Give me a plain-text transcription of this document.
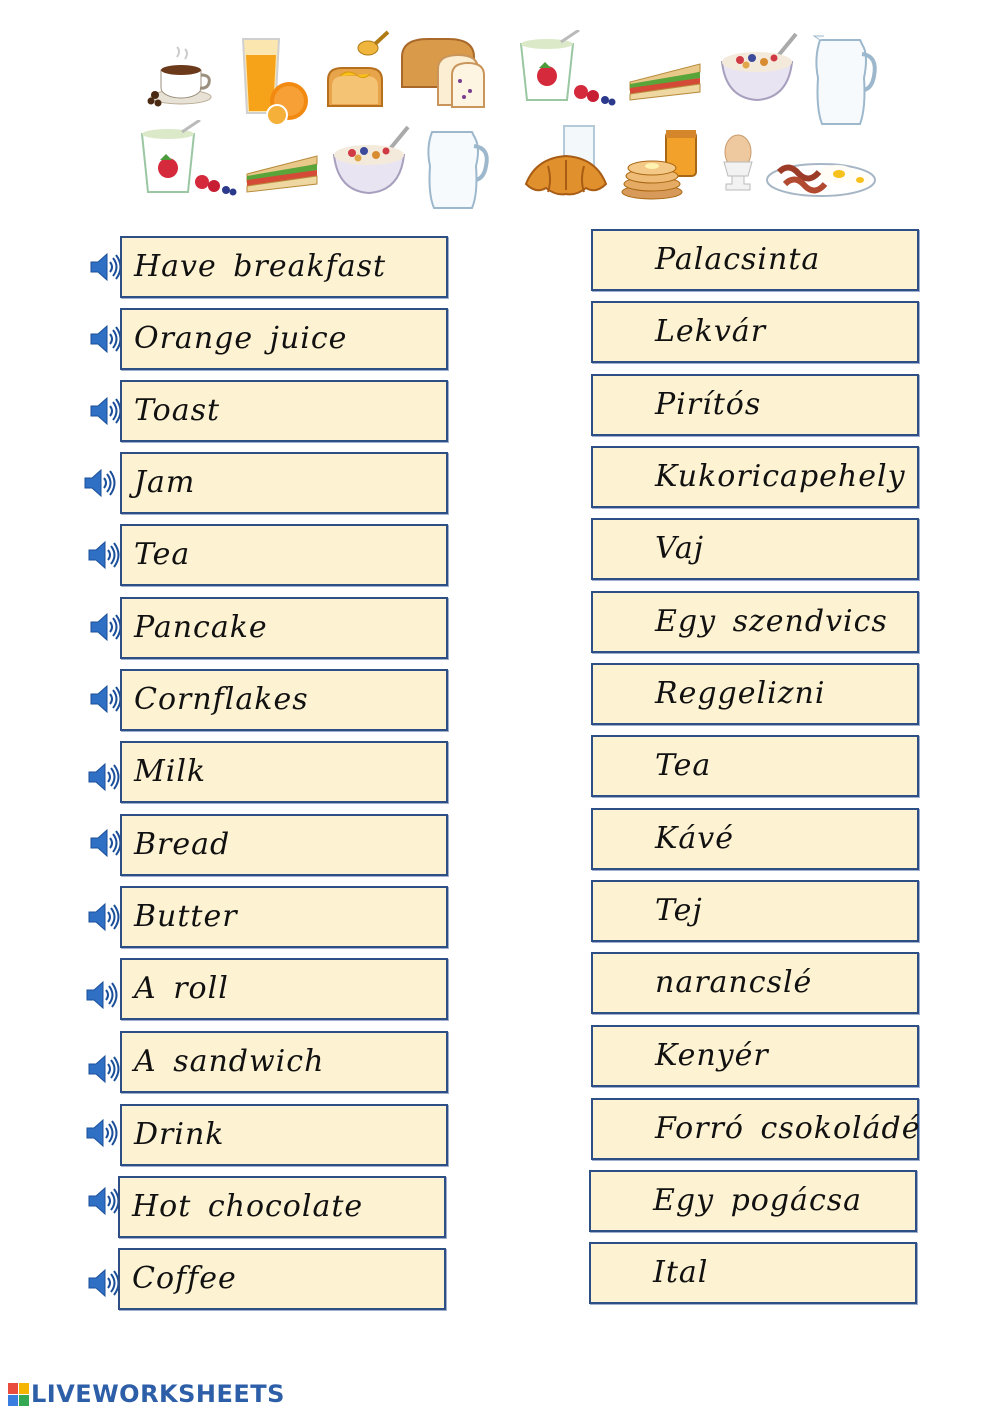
Have breakfast
Orange juice
Toast
Jam
Tea
Pancake
Cornflakes
Milk
Bread
Butter
A roll
A sandwich
Drink
Hot chocolate
Coffee
Palacsinta
Lekvár
Pirítós
Kukoricapehely
Vaj
Egy szendvics
Reggelizni
Tea
Kávé
Tej
narancslé
Kenyér
Forró csokoládé
Egy pogácsa
Ital
LIVEWORKSHEETS
